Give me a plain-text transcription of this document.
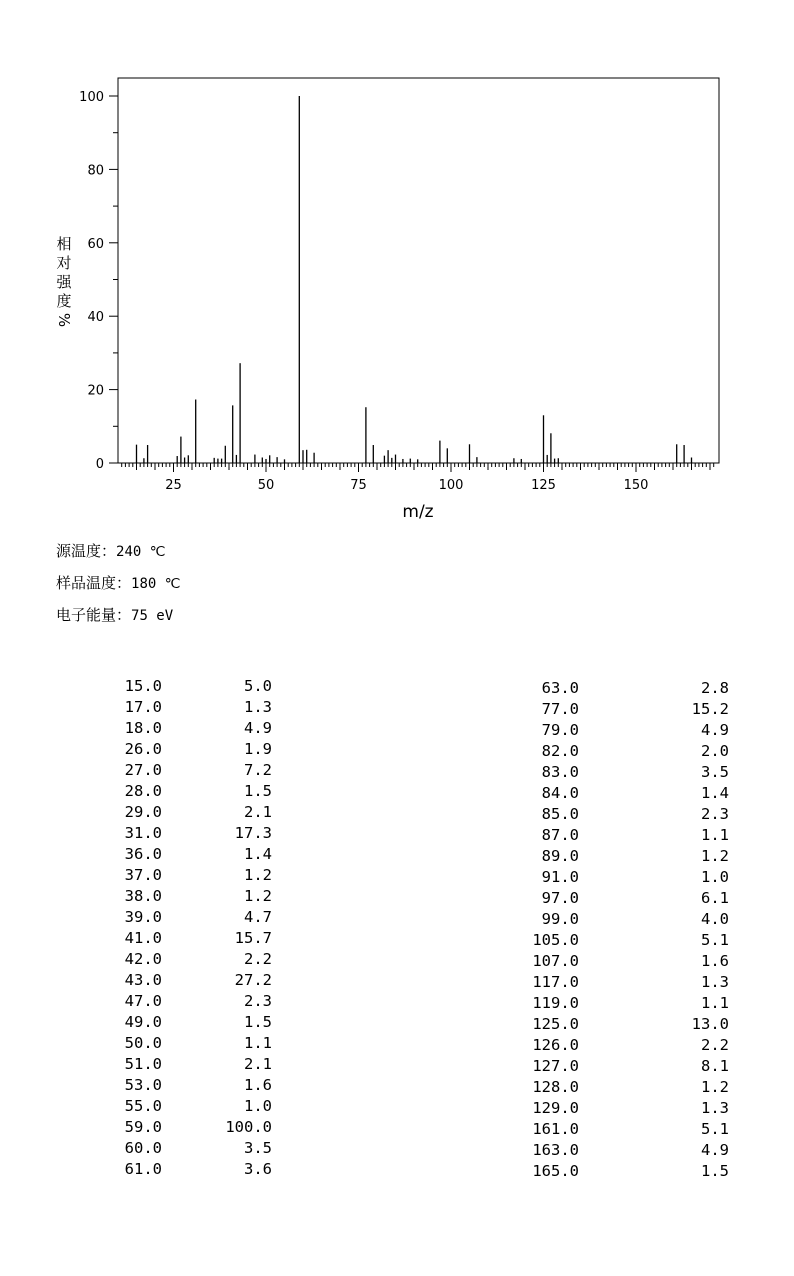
0
20
40
60
80
100
25	50	75	100	125	150
m/z
相
对
强
度
%
源温度：240 ℃
样品温度：180 ℃
电子能量：75 eV
15.0	5.0
17.0	1.3
18.0	4.9
26.0	1.9
27.0	7.2
28.0	1.5
29.0	2.1
31.0	17.3
36.0	1.4
37.0	1.2
38.0	1.2
39.0	4.7
41.0	15.7
42.0	2.2
43.0	27.2
47.0	2.3
49.0	1.5
50.0	1.1
51.0	2.1
53.0	1.6
55.0	1.0
59.0	100.0
60.0	3.5
61.0	3.6
63.0	2.8
77.0	15.2
79.0	4.9
82.0	2.0
83.0	3.5
84.0	1.4
85.0	2.3
87.0	1.1
89.0	1.2
91.0	1.0
97.0	6.1
99.0	4.0
105.0	5.1
107.0	1.6
117.0	1.3
119.0	1.1
125.0	13.0
126.0	2.2
127.0	8.1
128.0	1.2
129.0	1.3
161.0	5.1
163.0	4.9
165.0	1.5
